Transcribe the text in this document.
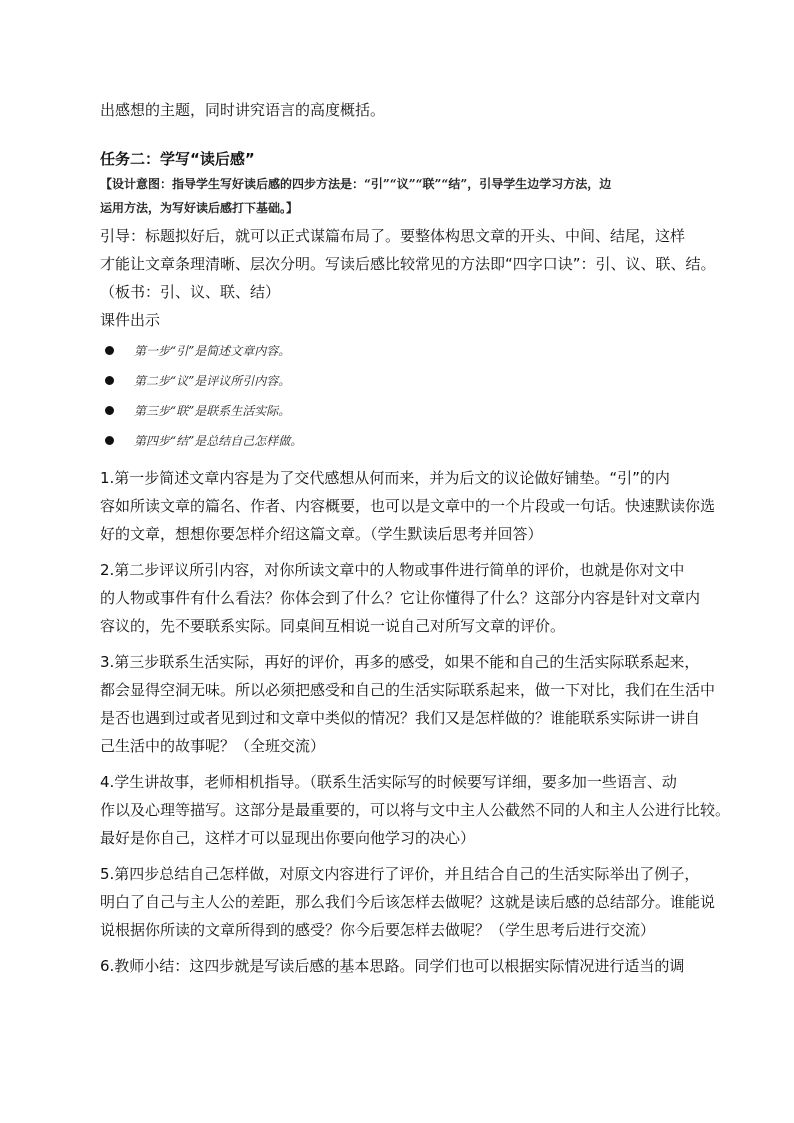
出感想的主题，同时讲究语言的高度概括。
任务二：学写“读后感”
【设计意图：指导学生写好读后感的四步方法是：“引”“议”“联”“结”，引导学生边学习方法，边
运用方法，为写好读后感打下基础。】
引导：标题拟好后，就可以正式谋篇布局了。要整体构思文章的开头、中间、结尾，这样
才能让文章条理清晰、层次分明。写读后感比较常见的方法即“四字口诀”：引、议、联、结。
（板书：引、议、联、结）
课件出示
第一步“引”是简述文章内容。
第二步“议”是评议所引内容。
第三步“联”是联系生活实际。
第四步“结”是总结自己怎样做。
1.第一步简述文章内容是为了交代感想从何而来，并为后文的议论做好铺垫。“引”的内
容如所读文章的篇名、作者、内容概要，也可以是文章中的一个片段或一句话。快速默读你选
好的文章，想想你要怎样介绍这篇文章。（学生默读后思考并回答）
2.第二步评议所引内容，对你所读文章中的人物或事件进行简单的评价，也就是你对文中
的人物或事件有什么看法？你体会到了什么？它让你懂得了什么？这部分内容是针对文章内
容议的，先不要联系实际。同桌间互相说一说自己对所写文章的评价。
3.第三步联系生活实际，再好的评价，再多的感受，如果不能和自己的生活实际联系起来，
都会显得空洞无味。所以必须把感受和自己的生活实际联系起来，做一下对比，我们在生活中
是否也遇到过或者见到过和文章中类似的情况？我们又是怎样做的？谁能联系实际讲一讲自
己生活中的故事呢？（全班交流）
4.学生讲故事，老师相机指导。（联系生活实际写的时候要写详细，要多加一些语言、动
作以及心理等描写。这部分是最重要的，可以将与文中主人公截然不同的人和主人公进行比较。
最好是你自己，这样才可以显现出你要向他学习的决心）
5.第四步总结自己怎样做，对原文内容进行了评价，并且结合自己的生活实际举出了例子，
明白了自己与主人公的差距，那么我们今后该怎样去做呢？这就是读后感的总结部分。谁能说
说根据你所读的文章所得到的感受？你今后要怎样去做呢？（学生思考后进行交流）
6.教师小结：这四步就是写读后感的基本思路。同学们也可以根据实际情况进行适当的调
